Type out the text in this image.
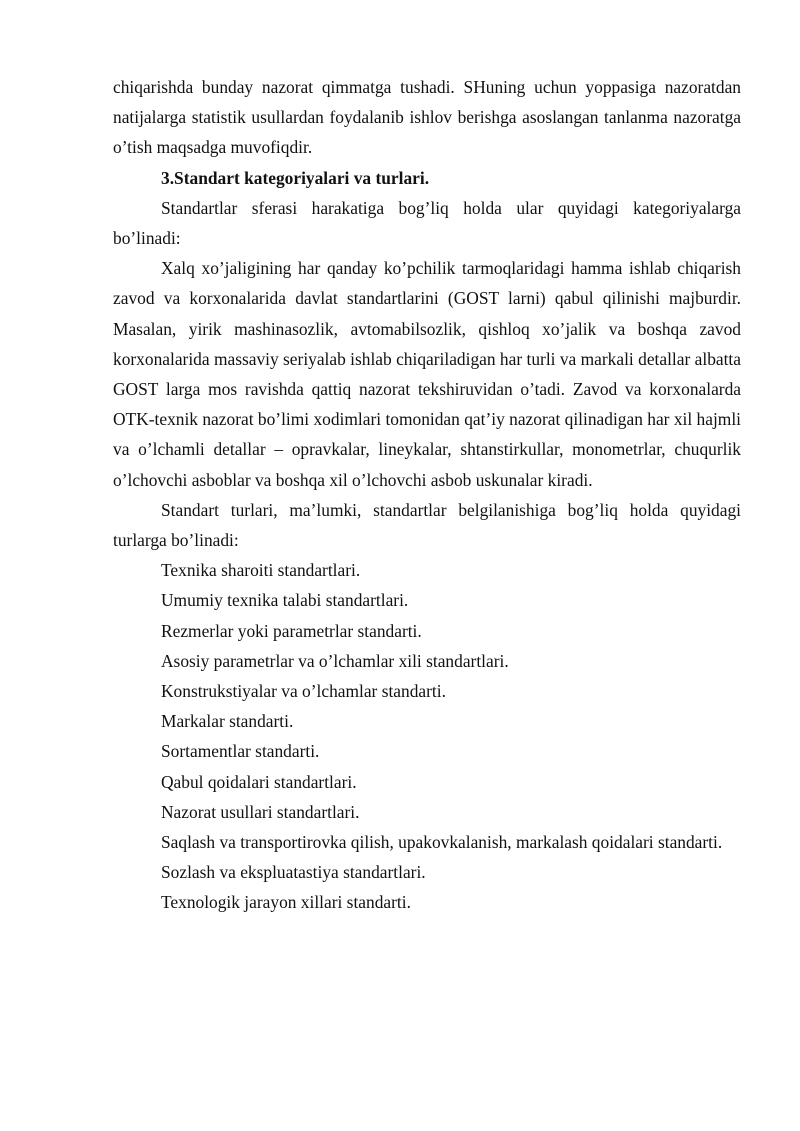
chiqarishda bunday nazorat qimmatga tushadi. SHuning uchun yoppasiga nazoratdan natijalarga statistik usullardan foydalanib ishlov berishga asoslangan tanlanma nazoratga o’tish maqsadga muvofiqdir.

3.Standart kategoriyalari va turlari.

Standartlar sferasi harakatiga bog’liq holda ular quyidagi kategoriyalarga bo’linadi:

Xalq xo’jaligining har qanday ko’pchilik tarmoqlaridagi hamma ishlab chiqarish zavod va korxonalarida davlat standartlarini (GOST larni) qabul qilinishi majburdir. Masalan, yirik mashinasozlik, avtomabilsozlik, qishloq xo’jalik va boshqa zavod korxonalarida massaviy seriyalab ishlab chiqariladigan har turli va markali detallar albatta GOST larga mos ravishda qattiq nazorat tekshiruvidan o’tadi. Zavod va korxonalarda OTK-texnik nazorat bo’limi xodimlari tomonidan qat’iy nazorat qilinadigan har xil hajmli va o’lchamli detallar – opravkalar, lineykalar, shtanstirkullar, monometrlar, chuqurlik o’lchovchi asboblar va boshqa xil o’lchovchi asbob uskunalar kiradi.

Standart turlari, ma’lumki, standartlar belgilanishiga bog’liq holda quyidagi turlarga bo’linadi:

Texnika sharoiti standartlari.

Umumiy texnika talabi standartlari.

Rezmerlar yoki parametrlar standarti.

Asosiy parametrlar va o’lchamlar xili standartlari.

Konstrukstiyalar va o’lchamlar standarti.

Markalar standarti.

Sortamentlar standarti.

Qabul qoidalari standartlari.

Nazorat usullari standartlari.

Saqlash va transportirovka qilish, upakovkalanish, markalash qoidalari standarti.

Sozlash va ekspluatastiya standartlari.

Texnologik jarayon xillari standarti.
